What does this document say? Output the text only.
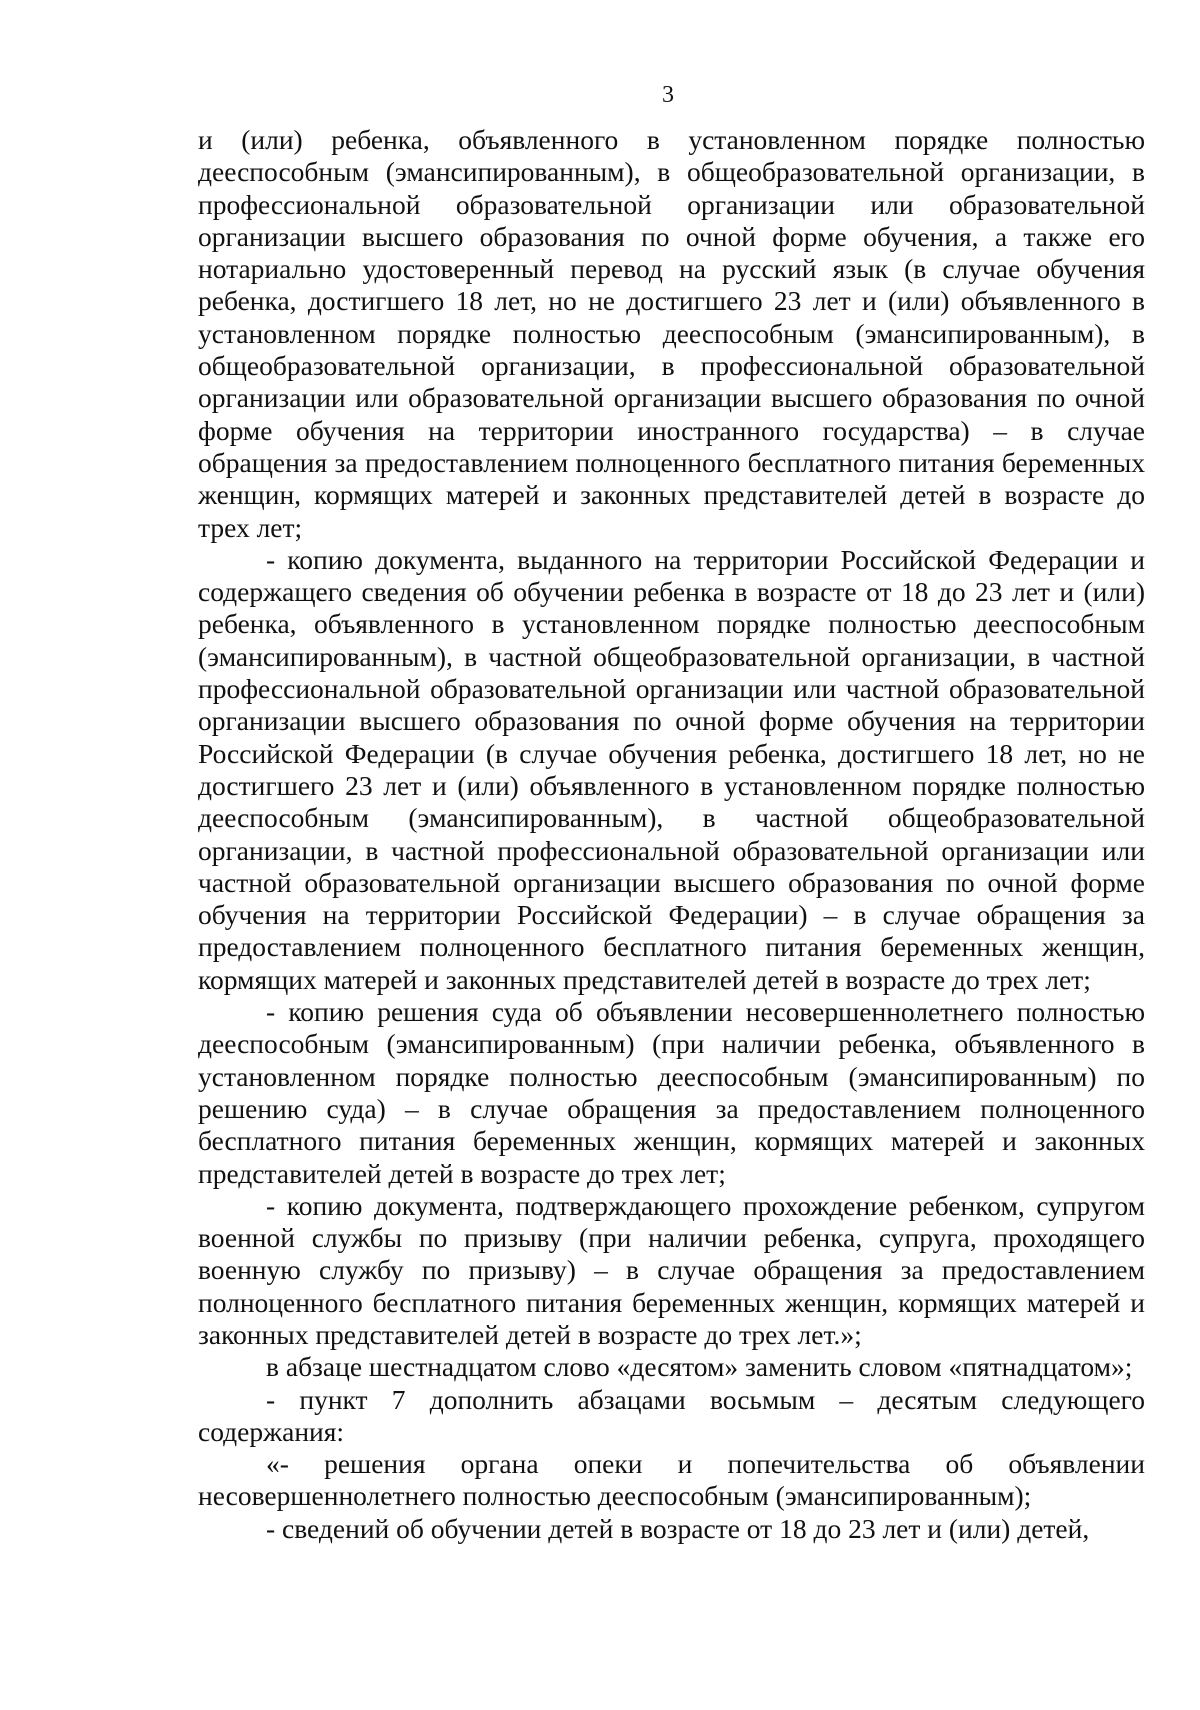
3

и (или) ребенка, объявленного в установленном порядке полностью дееспособным (эмансипированным), в общеобразовательной организации, в профессиональной образовательной организации или образовательной организации высшего образования по очной форме обучения, а также его нотариально удостоверенный перевод на русский язык (в случае обучения ребенка, достигшего 18 лет, но не достигшего 23 лет и (или) объявленного в установленном порядке полностью дееспособным (эмансипированным), в общеобразовательной организации, в профессиональной образовательной организации или образовательной организации высшего образования по очной форме обучения на территории иностранного государства) – в случае обращения за предоставлением полноценного бесплатного питания беременных женщин, кормящих матерей и законных представителей детей в возрасте до трех лет;

- копию документа, выданного на территории Российской Федерации и содержащего сведения об обучении ребенка в возрасте от 18 до 23 лет и (или) ребенка, объявленного в установленном порядке полностью дееспособным (эмансипированным), в частной общеобразовательной организации, в частной профессиональной образовательной организации или частной образовательной организации высшего образования по очной форме обучения на территории Российской Федерации (в случае обучения ребенка, достигшего 18 лет, но не достигшего 23 лет и (или) объявленного в установленном порядке полностью дееспособным (эмансипированным), в частной общеобразовательной организации, в частной профессиональной образовательной организации или частной образовательной организации высшего образования по очной форме обучения на территории Российской Федерации) – в случае обращения за предоставлением полноценного бесплатного питания беременных женщин, кормящих матерей и законных представителей детей в возрасте до трех лет;

- копию решения суда об объявлении несовершеннолетнего полностью дееспособным (эмансипированным) (при наличии ребенка, объявленного в установленном порядке полностью дееспособным (эмансипированным) по решению суда) – в случае обращения за предоставлением полноценного бесплатного питания беременных женщин, кормящих матерей и законных представителей детей в возрасте до трех лет;

- копию документа, подтверждающего прохождение ребенком, супругом военной службы по призыву (при наличии ребенка, супруга, проходящего военную службу по призыву) – в случае обращения за предоставлением полноценного бесплатного питания беременных женщин, кормящих матерей и законных представителей детей в возрасте до трех лет.»;

в абзаце шестнадцатом слово «десятом» заменить словом «пятнадцатом»;

- пункт 7 дополнить абзацами восьмым – десятым следующего содержания:

«- решения органа опеки и попечительства об объявлении несовершеннолетнего полностью дееспособным (эмансипированным);

- сведений об обучении детей в возрасте от 18 до 23 лет и (или) детей,
